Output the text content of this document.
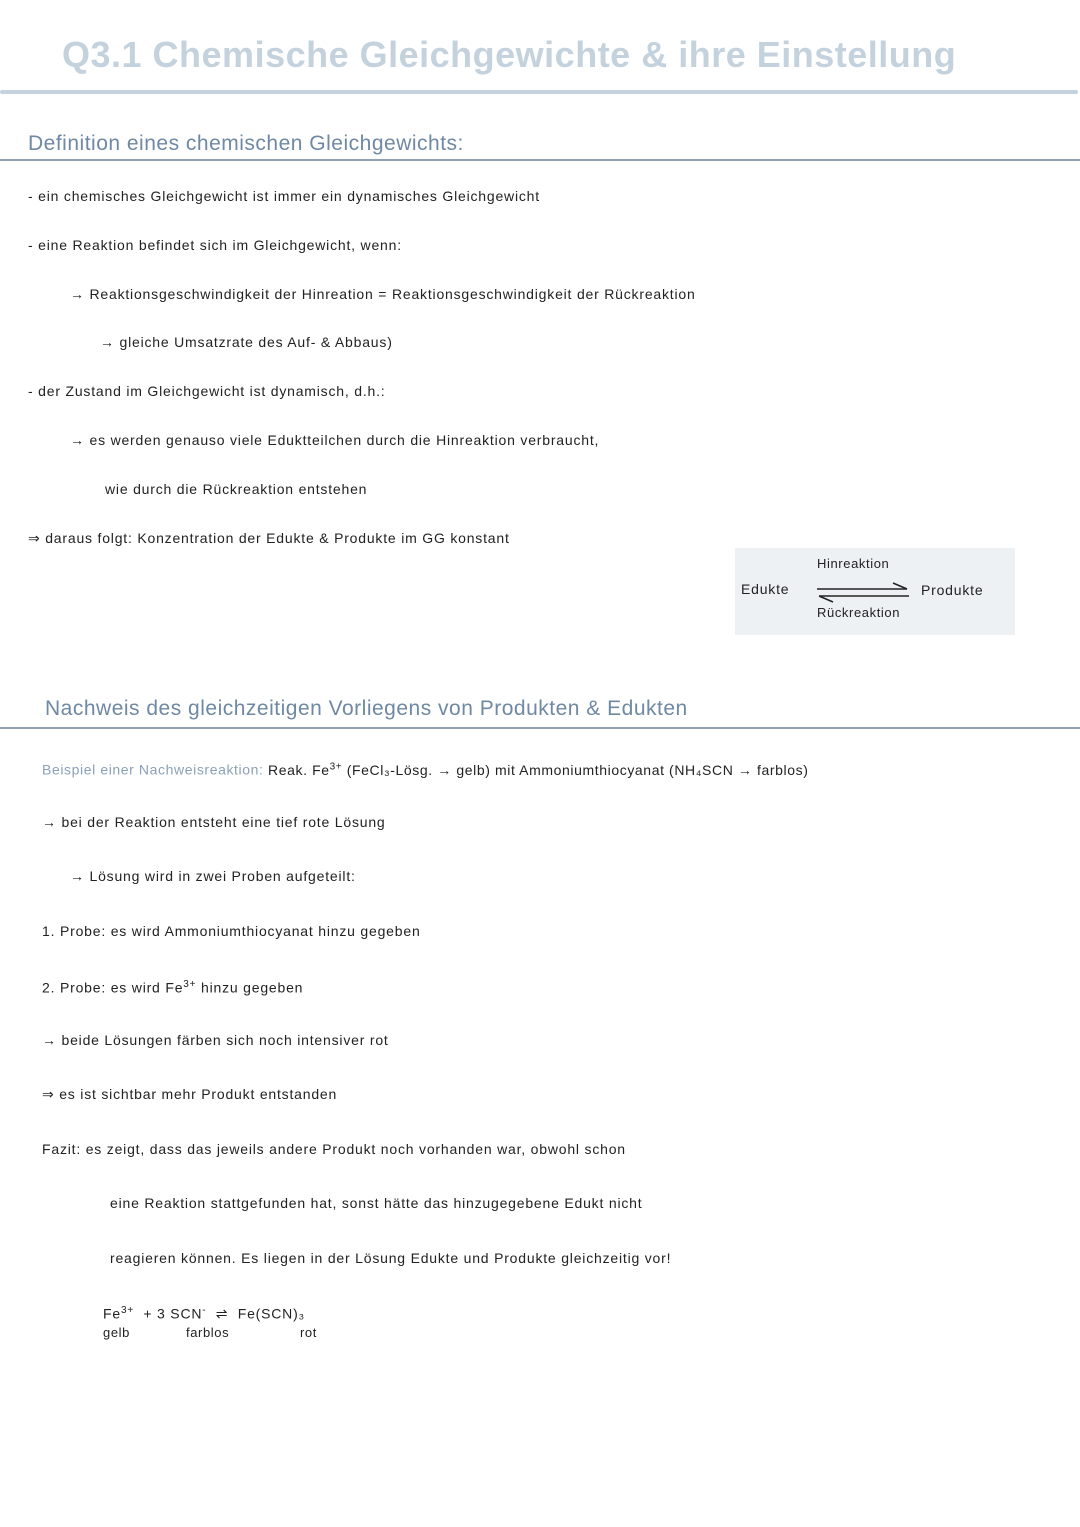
Q3.1 Chemische Gleichgewichte & ihre Einstellung
Definition eines chemischen Gleichgewichts:
- ein chemisches Gleichgewicht ist immer ein dynamisches Gleichgewicht
- eine Reaktion befindet sich im Gleichgewicht, wenn:
→ Reaktionsgeschwindigkeit der Hinreation = Reaktionsgeschwindigkeit der Rückreaktion
→ gleiche Umsatzrate des Auf- & Abbaus)
- der Zustand im Gleichgewicht ist dynamisch, d.h.:
→ es werden genauso viele Eduktteilchen durch die Hinreaktion verbraucht,
wie durch die Rückreaktion entstehen
⇒ daraus folgt: Konzentration der Edukte & Produkte im GG konstant
Edukte
Hinreaktion
Produkte
Rückreaktion
Nachweis des gleichzeitigen Vorliegens von Produkten & Edukten
Beispiel einer Nachweisreaktion: Reak. $Fe^{3+}$ (FeCl₃-Lösg. → gelb) mit Ammoniumthiocyanat (NH₄SCN → farblos)
→ bei der Reaktion entsteht eine tief rote Lösung
→ Lösung wird in zwei Proben aufgeteilt:
1. Probe: es wird Ammoniumthiocyanat hinzu gegeben
2. Probe: es wird $Fe^{3+}$ hinzu gegeben
→ beide Lösungen färben sich noch intensiver rot
⇒ es ist sichtbar mehr Produkt entstanden
Fazit: es zeigt, dass das jeweils andere Produkt noch vorhanden war, obwohl schon
eine Reaktion stattgefunden hat, sonst hätte das hinzugegebene Edukt nicht
reagieren können. Es liegen in der Lösung Edukte und Produkte gleichzeitig vor!
$Fe^{3+} + 3$ SCN- ⇌ Fe(SCN)₃
gelb	farblos	rot
